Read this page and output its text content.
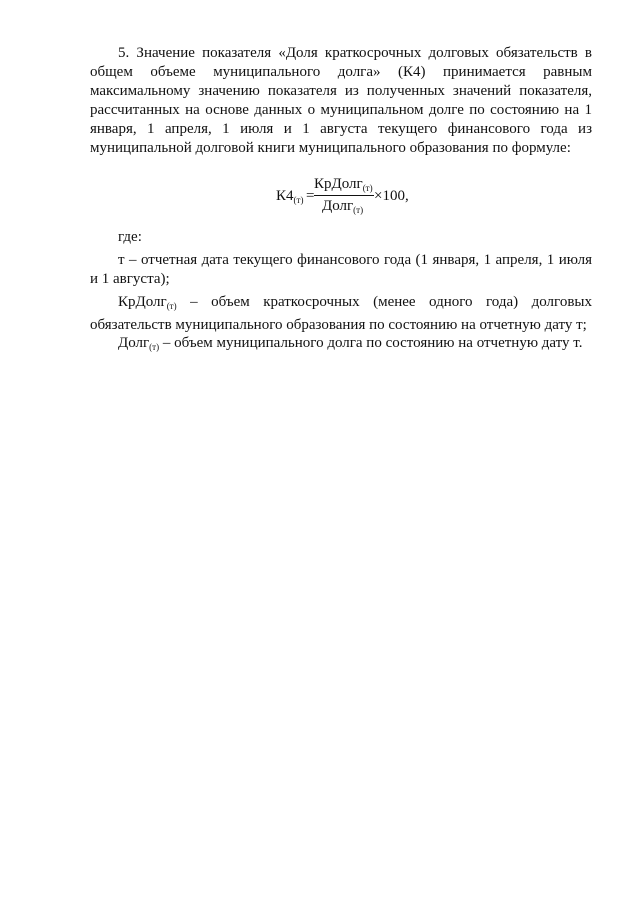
5. Значение показателя «Доля краткосрочных долговых обязательств в общем объеме муниципального долга» (К4) принимается равным максимальному значению показателя из полученных значений показателя, рассчитанных на основе данных о муниципальном долге по состоянию на 1 января, 1 апреля, 1 июля и 1 августа текущего финансового года из муниципальной долговой книги муниципального образования по формуле:

$К4_{(т)}$ =
КрДолг$_{(т)}$
Долг$_{(т)}$
×100,
где:

т – отчетная дата текущего финансового года (1 января, 1 апреля, 1 июля и 1 августа);

КрДолг$_{(т)}$ – объем краткосрочных (менее одного года) долговых обязательств муниципального образования по состоянию на отчетную дату т;

Долг$_{(т)}$ – объем муниципального долга по состоянию на отчетную дату т.
